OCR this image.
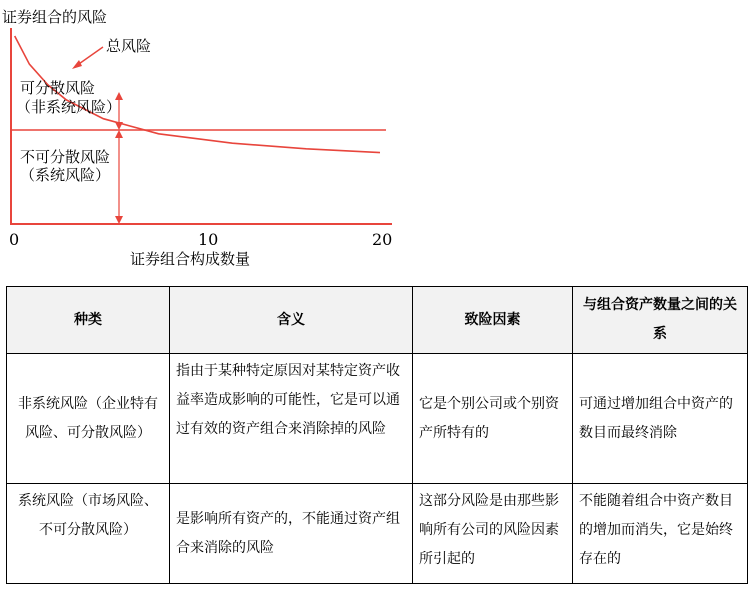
证券组合的风险
总风险
可分散风险
（非系统风险）
不可分散风险
（系统风险）
0	10	20
证券组合构成数量
种类	含义	致险因素	与组合资产数量之间的关系
非系统风险（企业特有风险、可分散风险）	指由于某种特定原因对某特定资产收益率造成影响的可能性，它是可以通过有效的资产组合来消除掉的风险	它是个别公司或个别资产所特有的	可通过增加组合中资产的数目而最终消除
系统风险（市场风险、不可分散风险）	是影响所有资产的，不能通过资产组合来消除的风险	这部分风险是由那些影响所有公司的风险因素所引起的	不能随着组合中资产数目的增加而消失，它是始终存在的
